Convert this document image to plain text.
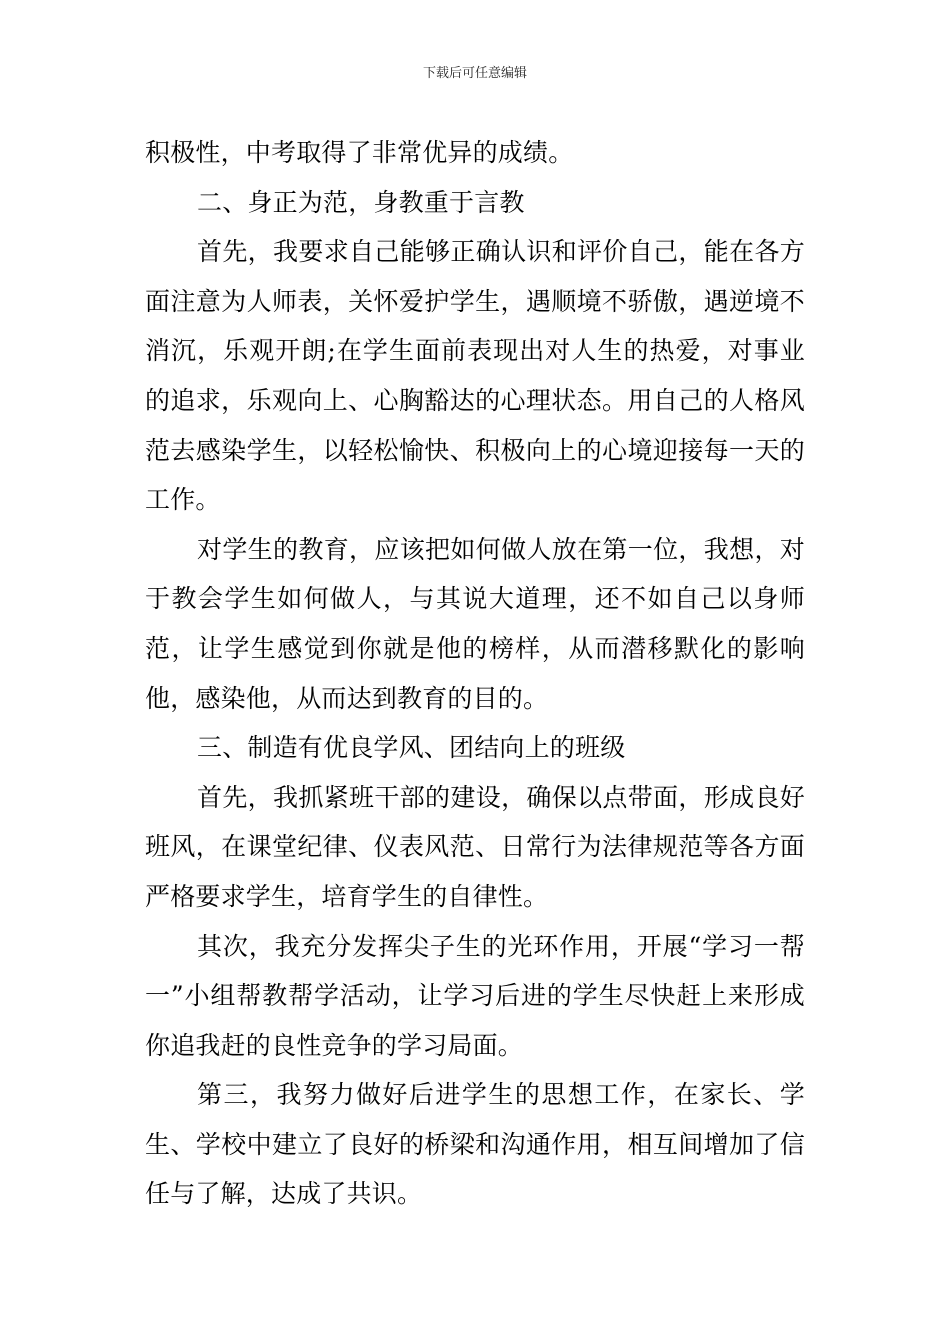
下载后可任意编辑

积极性，中考取得了非常优异的成绩。

二、身正为范，身教重于言教

首先，我要求自己能够正确认识和评价自己，能在各方面注意为人师表，关怀爱护学生，遇顺境不骄傲，遇逆境不消沉，乐观开朗;在学生面前表现出对人生的热爱，对事业的追求，乐观向上、心胸豁达的心理状态。用自己的人格风范去感染学生，以轻松愉快、积极向上的心境迎接每一天的工作。

对学生的教育，应该把如何做人放在第一位，我想，对于教会学生如何做人，与其说大道理，还不如自己以身师范，让学生感觉到你就是他的榜样，从而潜移默化的影响他，感染他，从而达到教育的目的。

三、制造有优良学风、团结向上的班级

首先，我抓紧班干部的建设，确保以点带面，形成良好班风，在课堂纪律、仪表风范、日常行为法律规范等各方面严格要求学生，培育学生的自律性。

其次，我充分发挥尖子生的光环作用，开展“学习一帮一”小组帮教帮学活动，让学习后进的学生尽快赶上来形成你追我赶的良性竞争的学习局面。

第三，我努力做好后进学生的思想工作，在家长、学生、学校中建立了良好的桥梁和沟通作用，相互间增加了信任与了解，达成了共识。
